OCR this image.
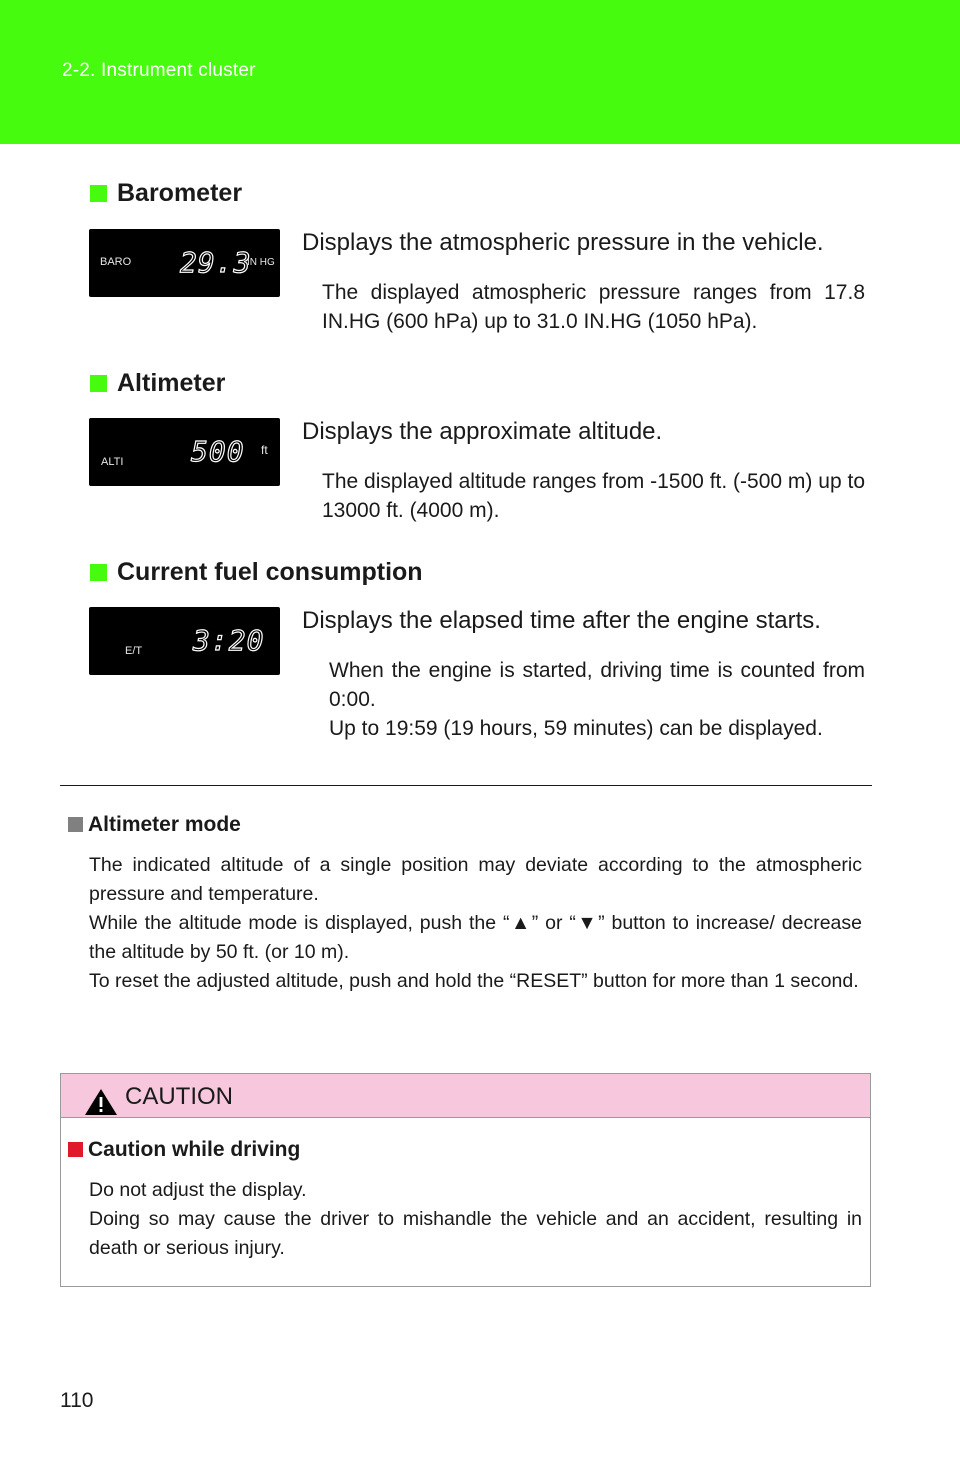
2-2. Instrument cluster
Barometer
BARO 29.3
IN HG
Displays the atmospheric pressure in the vehicle.
The displayed atmospheric pressure ranges from 17.8 IN.HG (600 hPa) up to 31.0 IN.HG (1050 hPa).
Altimeter
ALTI 500 ft
Displays the approximate altitude.
The displayed altitude ranges from -1500 ft. (-500 m) up to 13000 ft. (4000 m).
Current fuel consumption
E/T 3:20
Displays the elapsed time after the engine starts.
When the engine is started, driving time is counted from 0:00.
Up to 19:59 (19 hours, 59 minutes) can be displayed.
Altimeter mode

The indicated altitude of a single position may deviate according to the atmospheric pressure and temperature.

While the altitude mode is displayed, push the “▲” or “▼” button to increase/ decrease the altitude by 50 ft. (or 10 m).

To reset the adjusted altitude, push and hold the “RESET” button for more than 1 second.

CAUTION
Caution while driving

Do not adjust the display.

Doing so may cause the driver to mishandle the vehicle and an accident, resulting in death or serious injury.

110
